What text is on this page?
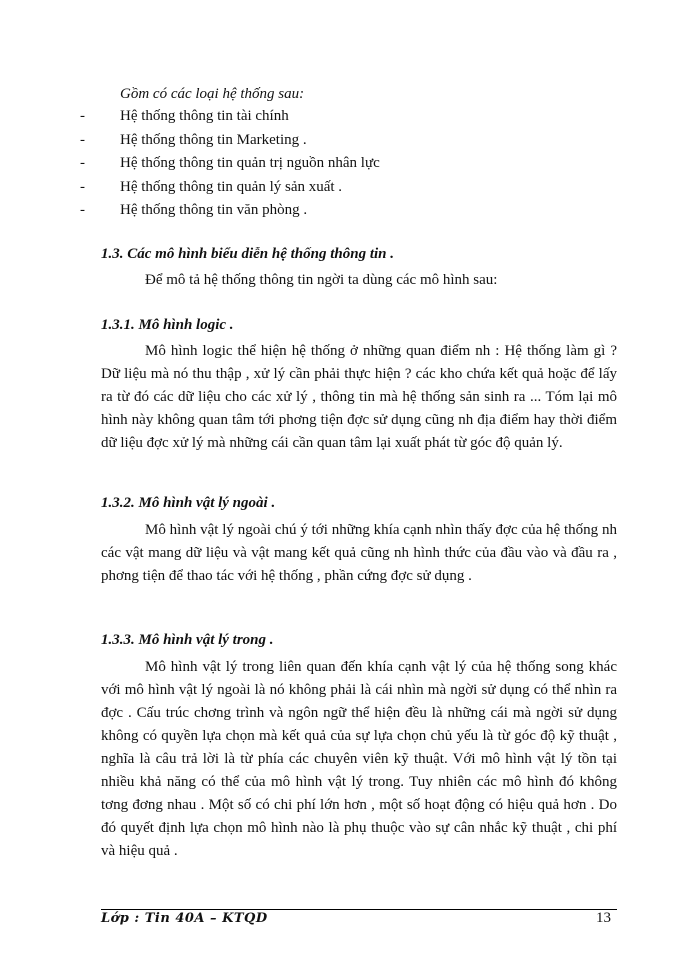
Gồm có các loại hệ thống sau:
- Hệ thống thông tin tài chính
- Hệ thống thông tin Marketing .
- Hệ thống thông tin quản trị nguồn nhân lực
- Hệ thống thông tin quản lý sản xuất .
- Hệ thống thông tin văn phòng .
1.3. Các mô hình biểu diễn hệ thống thông tin .

Để mô tả hệ thống thông tin ngời ta dùng các mô hình sau:

1.3.1. Mô hình logic .

Mô hình logic thể hiện hệ thống ở những quan điểm nh : Hệ thống làm gì ? Dữ liệu mà nó thu thập , xử lý cần phải thực hiện ? các kho chứa kết quả hoặc để lấy ra từ đó các dữ liệu cho các xử lý , thông tin mà hệ thống sản sinh ra ... Tóm lại mô hình này không quan tâm tới phơng tiện đợc sử dụng cũng nh địa điểm hay thời điểm dữ liệu đợc xử lý mà những cái cần quan tâm lại xuất phát từ góc độ quản lý.

1.3.2. Mô hình vật lý ngoài .

Mô hình vật lý ngoài chú ý tới những khía cạnh nhìn thấy đợc của hệ thống nh các vật mang dữ liệu và vật mang kết quả cũng nh hình thức của đầu vào và đầu ra , phơng tiện để thao tác với hệ thống , phần cứng đợc sử dụng .

1.3.3. Mô hình vật lý trong .

Mô hình vật lý trong liên quan đến khía cạnh vật lý của hệ thống song khác với mô hình vật lý ngoài là nó không phải là cái nhìn mà ngời sử dụng có thể nhìn ra đợc . Cấu trúc chơng trình và ngôn ngữ thể hiện đều là những cái mà ngời sử dụng không có quyền lựa chọn mà kết quả của sự lựa chọn chủ yếu là từ góc độ kỹ thuật , nghĩa là câu trả lời là từ phía các chuyên viên kỹ thuật. Với mô hình vật lý tồn tại nhiều khả năng có thể của mô hình vật lý trong. Tuy nhiên các mô hình đó không tơng đơng nhau . Một số có chi phí lớn hơn , một số hoạt động có hiệu quả hơn . Do đó quyết định lựa chọn mô hình nào là phụ thuộc vào sự cân nhắc kỹ thuật , chi phí và hiệu quả .

Lớp : Tin 40A – KTQD	13
